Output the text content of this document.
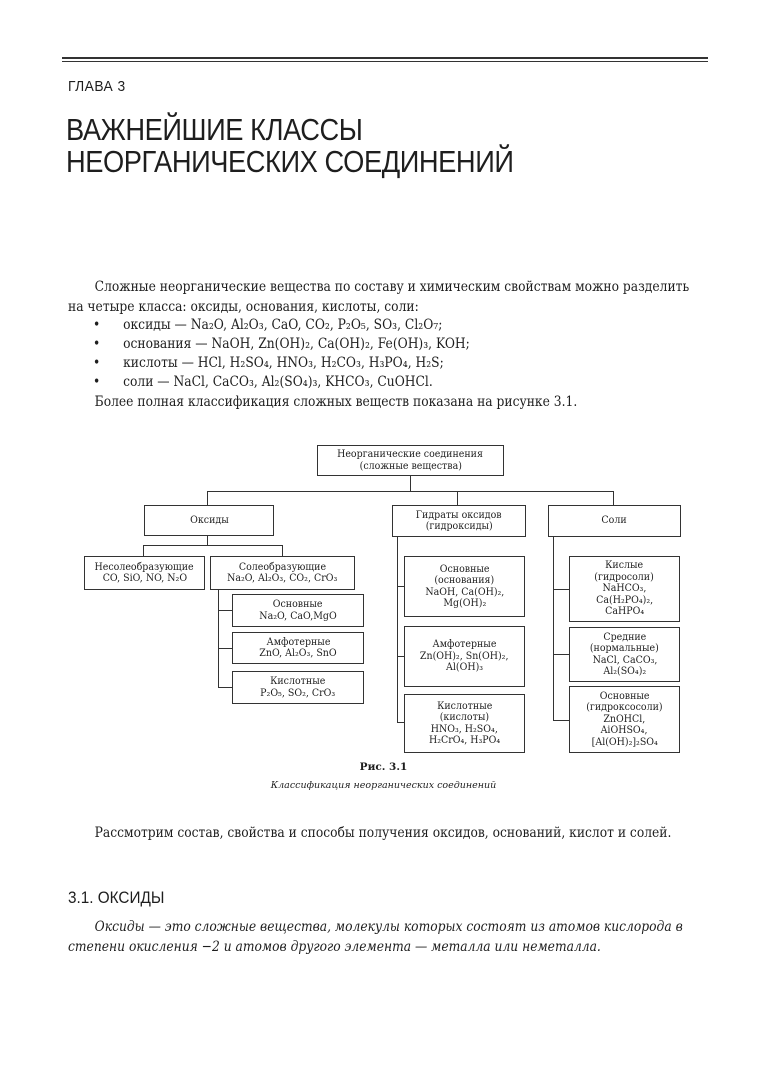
ГЛАВА 3
ВАЖНЕЙШИЕ КЛАССЫ
НЕОРГАНИЧЕСКИХ СОЕДИНЕНИЙ
Сложные неорганические вещества по составу и химическим свойствам можно разделить на четыре класса: оксиды, основания, кислоты, соли:
• оксиды — Na₂O, Al₂O₃, CaO, CO₂, P₂O₅, SO₃, Cl₂O₇;
• основания — NaOH, Zn(OH)₂, Ca(OH)₂, Fe(OH)₃, KOH;
• кислоты — HCl, H₂SO₄, HNO₃, H₂CO₃, H₃PO₄, H₂S;
• соли — NaCl, CaCO₃, Al₂(SO₄)₃, KHCO₃, CuOHCl.
Более полная классификация сложных веществ показана на рисунке 3.1.
Неорганические соединения
(сложные вещества)
Оксиды	Гидраты оксидов
(гидроксиды)	Соли
Несолеобразующие
CO, SiO, NO, N₂O
Солеобразующие
Na₂O, Al₂O₃, CO₂, CrO₃
Основные
Na₂O, CaO,MgO
Амфотерные
ZnO, Al₂O₃, SnO
Кислотные
P₂O₅, SO₂, CrO₃
Основные
(основания)
NaOH, Ca(OH)₂,
Mg(OH)₂
Амфотерные
Zn(OH)₂, Sn(OH)₂,
Al(OH)₃
Кислотные
(кислоты)
HNO₃, H₂SO₄,
H₂CrO₄, H₃PO₄
Кислые
(гидросоли)
NaHCO₃,
Ca(H₂PO₄)₂,
CaHPO₄
Средние
(нормальные)
NaCl, CaCO₃,
Al₂(SO₄)₂
Основные
(гидроксосоли)
ZnOHCl,
AiOHSO₄,
[Al(OH)₂]₂SO₄
Рис. 3.1
Классификация неорганических соединений
Рассмотрим состав, свойства и способы получения оксидов, оснований, кислот и солей.
3.1. ОКСИДЫ
Оксиды — это сложные вещества, молекулы которых состоят из атомов кислорода в степени окисления −2 и атомов другого элемента — металла или неметалла.
